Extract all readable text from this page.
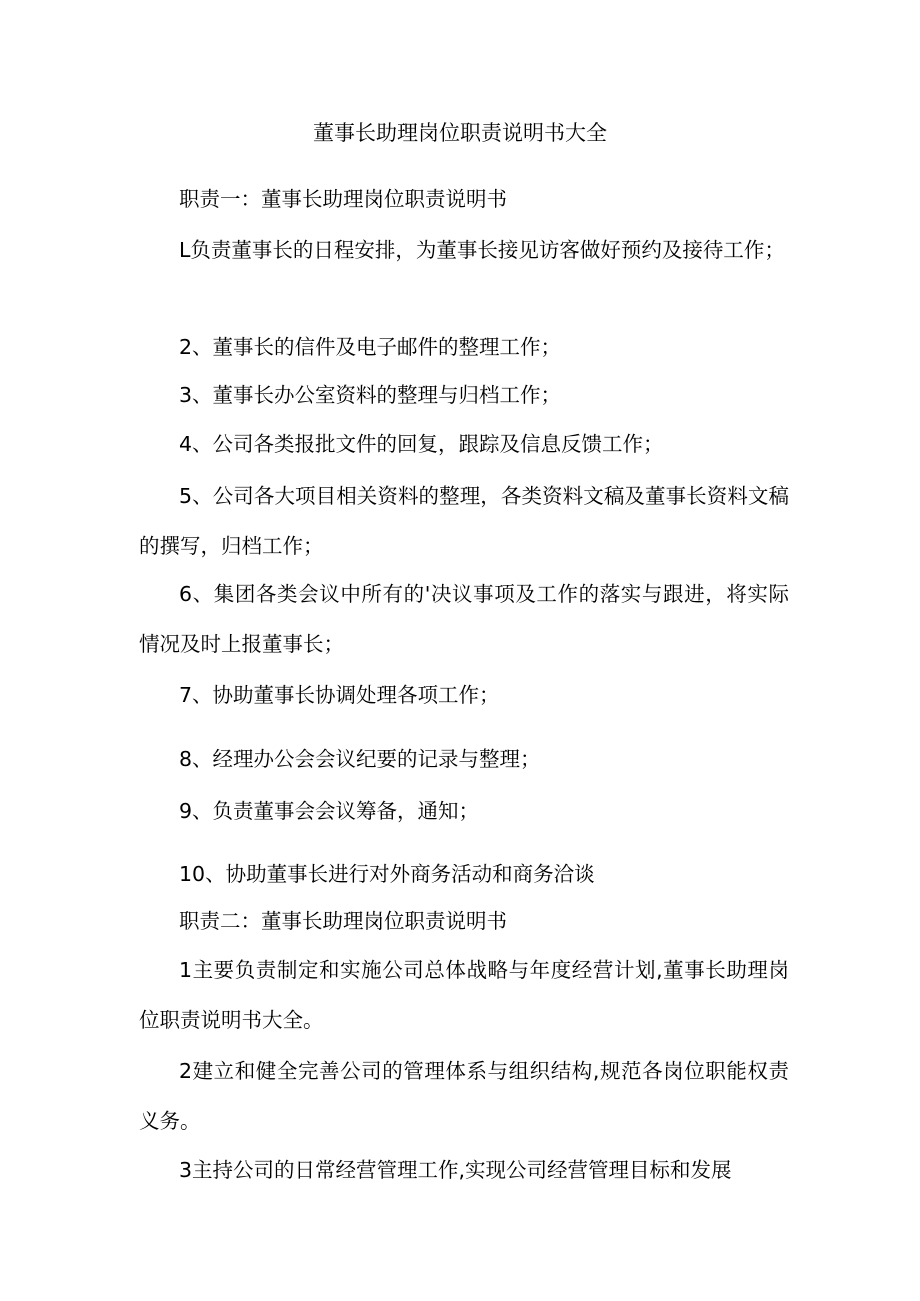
董事长助理岗位职责说明书大全

职责一：董事长助理岗位职责说明书

L负责董事长的日程安排，为董事长接见访客做好预约及接待工作；

2、董事长的信件及电子邮件的整理工作；

3、董事长办公室资料的整理与归档工作；

4、公司各类报批文件的回复，跟踪及信息反馈工作；

5、公司各大项目相关资料的整理，各类资料文稿及董事长资料文稿的撰写，归档工作；

6、集团各类会议中所有的'决议事项及工作的落实与跟进，将实际情况及时上报董事长；

7、协助董事长协调处理各项工作；

8、经理办公会会议纪要的记录与整理；

9、负责董事会会议筹备，通知；

10、协助董事长进行对外商务活动和商务洽谈

职责二：董事长助理岗位职责说明书

1主要负责制定和实施公司总体战略与年度经营计划,董事长助理岗位职责说明书大全。

2建立和健全完善公司的管理体系与组织结构,规范各岗位职能权责义务。

3主持公司的日常经营管理工作,实现公司经营管理目标和发展
